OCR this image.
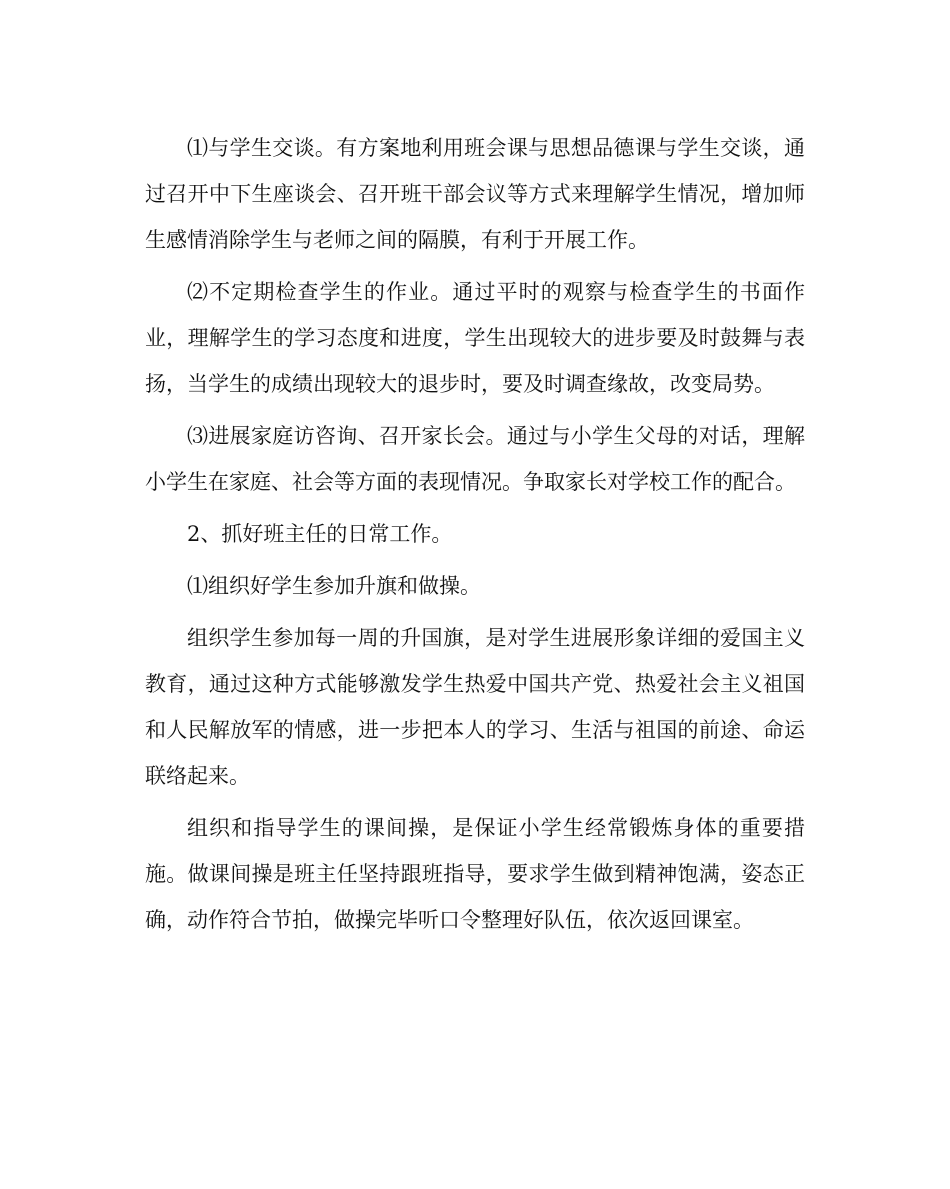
⑴与学生交谈。有方案地利用班会课与思想品德课与学生交谈，通过召开中下生座谈会、召开班干部会议等方式来理解学生情况，增加师生感情消除学生与老师之间的隔膜，有利于开展工作。

⑵不定期检查学生的作业。通过平时的观察与检查学生的书面作业，理解学生的学习态度和进度，学生出现较大的进步要及时鼓舞与表扬，当学生的成绩出现较大的退步时，要及时调查缘故，改变局势。

⑶进展家庭访咨询、召开家长会。通过与小学生父母的对话，理解小学生在家庭、社会等方面的表现情况。争取家长对学校工作的配合。

2、抓好班主任的日常工作。

⑴组织好学生参加升旗和做操。

组织学生参加每一周的升国旗，是对学生进展形象详细的爱国主义教育，通过这种方式能够激发学生热爱中国共产党、热爱社会主义祖国和人民解放军的情感，进一步把本人的学习、生活与祖国的前途、命运联络起来。

组织和指导学生的课间操，是保证小学生经常锻炼身体的重要措施。做课间操是班主任坚持跟班指导，要求学生做到精神饱满，姿态正确，动作符合节拍，做操完毕听口令整理好队伍，依次返回课室。
